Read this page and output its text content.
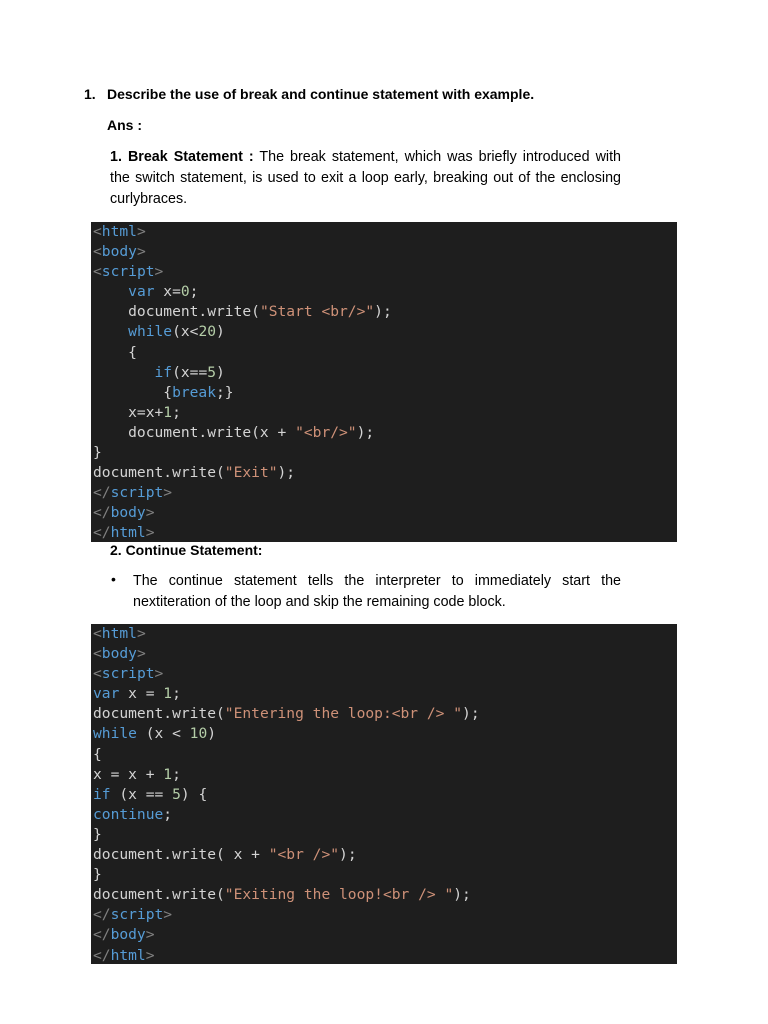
1. Describe the use of break and continue statement with example.
Ans :
1. Break Statement : The break statement, which was briefly introduced with the switch statement, is used to exit a loop early, breaking out of the enclosing curlybraces.
<html>
<body>
<script>
var x=0;
document.write("Start <br/>");
while(x<20)
{
if(x==5)
{break;}
x=x+1;
document.write(x + "<br/>");
}
document.write("Exit");
</script>
</body>
</html>
2. Continue Statement:
• The continue statement tells the interpreter to immediately start the nextiteration of the loop and skip the remaining code block.
<html>
<body>
<script>
var x = 1;
document.write("Entering the loop:<br /> ");
while (x < 10)
{
x = x + 1;
if (x == 5) {
continue;
}
document.write( x + "<br />");
}
document.write("Exiting the loop!<br /> ");
</script>
</body>
</html>
